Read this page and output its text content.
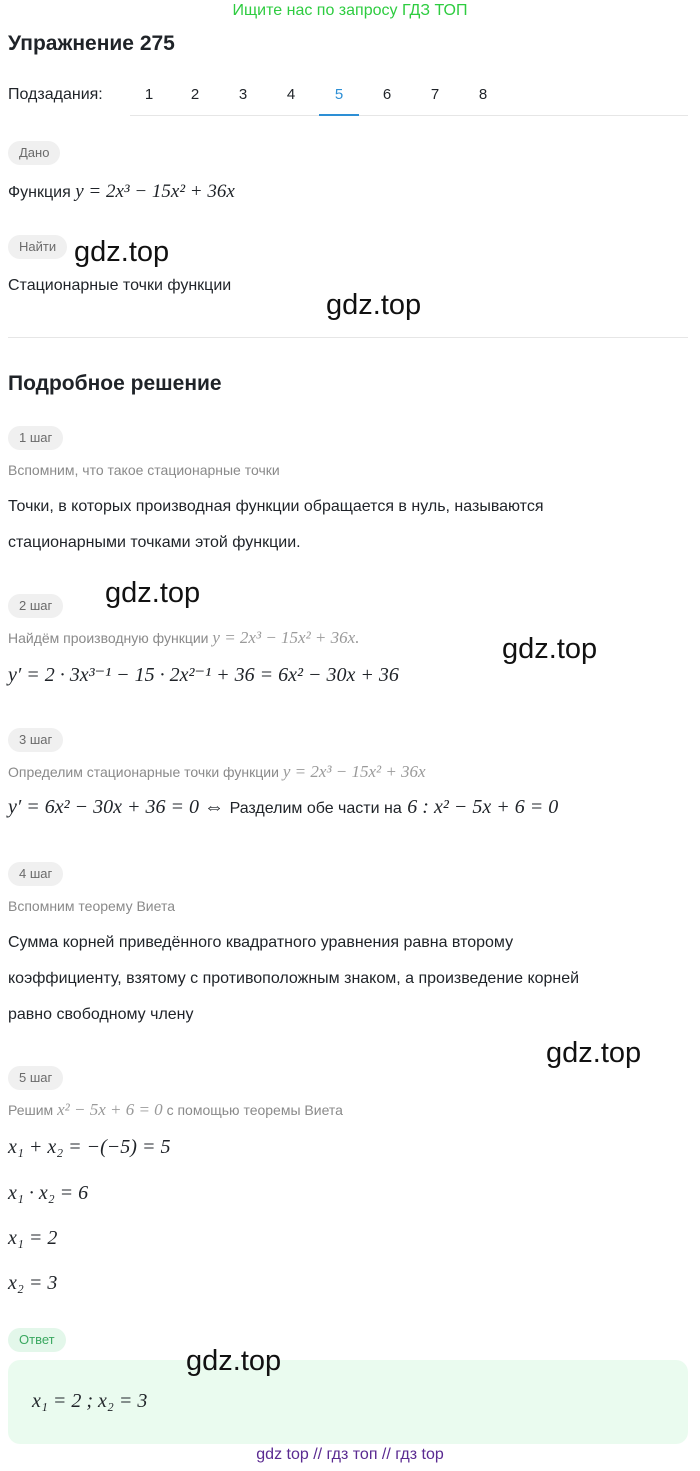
Ищите нас по запросу ГДЗ ТОП
Упражнение 275
Подзадания:	1	2	3	4	5	6	7	8
Дано
Функция y = 2x³ − 15x² + 36x
Найти
Стационарные точки функции
Подробное решение
1 шаг
Вспомним, что такое стационарные точки
Точки, в которых производная функции обращается в нуль, называются
стационарными точками этой функции.
2 шаг
Найдём производную функции y = 2x³ − 15x² + 36x.
y′ = 2 · 3x³⁻¹ − 15 · 2x²⁻¹ + 36 = 6x² − 30x + 36
3 шаг
Определим стационарные точки функции y = 2x³ − 15x² + 36x
y′ = 6x² − 30x + 36 = 0 ⇔ Разделим обе части на 6 : x² − 5x + 6 = 0
4 шаг
Вспомним теорему Виета
Сумма корней приведённого квадратного уравнения равна второму
коэффициенту, взятому с противоположным знаком, а произведение корней
равно свободному члену
5 шаг
Решим x² − 5x + 6 = 0 с помощью теоремы Виета
x₁ + x₂ = −(−5) = 5
x₁ · x₂ = 6
x₁ = 2
x₂ = 3
Ответ
x₁ = 2 ; x₂ = 3
gdz.top
gdz.top
gdz.top
gdz.top
gdz.top
gdz.top
gdz top // гдз топ // гдз top
